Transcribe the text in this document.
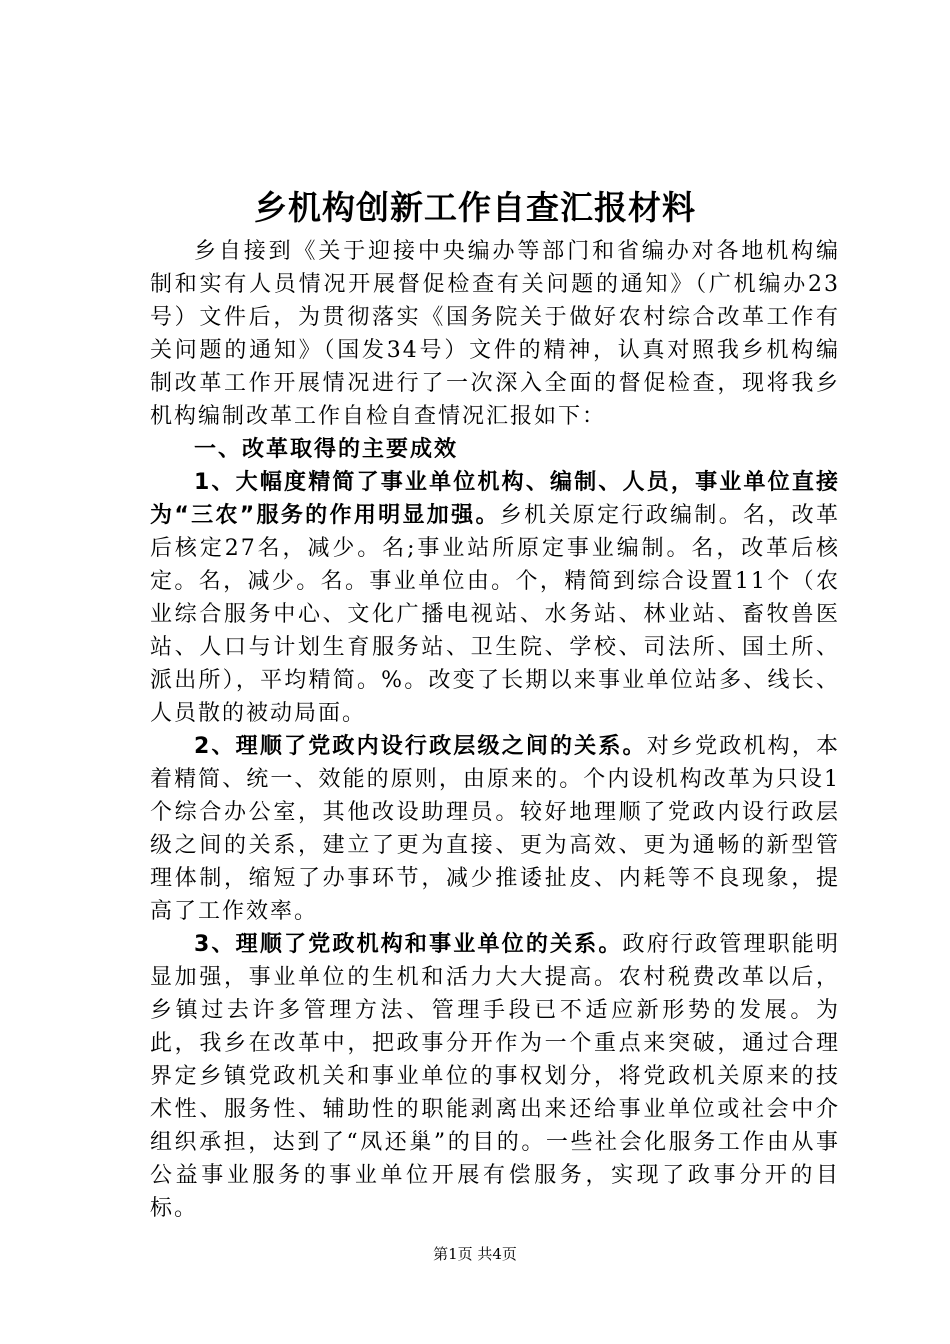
乡机构创新工作自查汇报材料

乡自接到《关于迎接中央编办等部门和省编办对各地机构编制和实有人员情况开展督促检查有关问题的通知》（广机编办23号）文件后，为贯彻落实《国务院关于做好农村综合改革工作有关问题的通知》（国发34号）文件的精神，认真对照我乡机构编制改革工作开展情况进行了一次深入全面的督促检查，现将我乡机构编制改革工作自检自查情况汇报如下：

一、改革取得的主要成效

1、大幅度精简了事业单位机构、编制、人员，事业单位直接为“三农”服务的作用明显加强。乡机关原定行政编制。名，改革后核定27名，减少。名;事业站所原定事业编制。名，改革后核定。名，减少。名。事业单位由。个，精简到综合设置11个（农业综合服务中心、文化广播电视站、水务站、林业站、畜牧兽医站、人口与计划生育服务站、卫生院、学校、司法所、国土所、派出所），平均精简。%。改变了长期以来事业单位站多、线长、人员散的被动局面。

2、理顺了党政内设行政层级之间的关系。对乡党政机构，本着精简、统一、效能的原则，由原来的。个内设机构改革为只设1个综合办公室，其他改设助理员。较好地理顺了党政内设行政层级之间的关系，建立了更为直接、更为高效、更为通畅的新型管理体制，缩短了办事环节，减少推诿扯皮、内耗等不良现象，提高了工作效率。

3、理顺了党政机构和事业单位的关系。政府行政管理职能明显加强，事业单位的生机和活力大大提高。农村税费改革以后，乡镇过去许多管理方法、管理手段已不适应新形势的发展。为此，我乡在改革中，把政事分开作为一个重点来突破，通过合理界定乡镇党政机关和事业单位的事权划分，将党政机关原来的技术性、服务性、辅助性的职能剥离出来还给事业单位或社会中介组织承担，达到了“凤还巢”的目的。一些社会化服务工作由从事公益事业服务的事业单位开展有偿服务，实现了政事分开的目标。

第1页 共4页
